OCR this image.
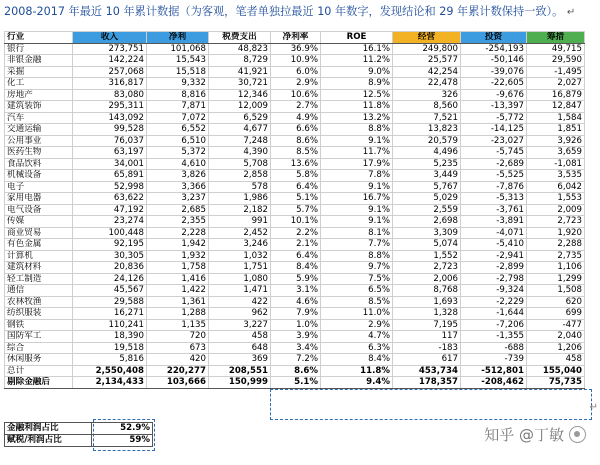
2008-2017 年最近 10 年累计数据（为客观，笔者单独拉最近 10 年数字，发现结论和 29 年累计数保持一致）。 ↵
行业	收入	净利	税费支出	净利率	ROE	经营	投资	筹措
银行	273,751	101,068	48,823	36.9%	16.1%	249,800	-254,193	49,715
非银金融	142,224	15,543	8,729	10.9%	11.2%	25,577	-50,146	29,590
采掘	257,068	15,518	41,921	6.0%	9.0%	42,254	-39,076	-1,495
化工	316,817	9,332	30,721	2.9%	8.9%	22,478	-22,605	2,027
房地产	83,080	8,816	12,346	10.6%	12.5%	326	-9,676	16,879
建筑装饰	295,311	7,871	12,009	2.7%	11.8%	8,560	-13,397	12,847
汽车	143,092	7,072	6,529	4.9%	13.2%	7,521	-5,772	1,584
交通运输	99,528	6,552	4,677	6.6%	8.8%	13,823	-14,125	1,851
公用事业	76,037	6,510	7,248	8.6%	9.1%	20,579	-23,027	3,926
医药生物	63,197	5,372	4,390	8.5%	11.7%	4,496	-5,745	3,659
食品饮料	34,001	4,610	5,708	13.6%	17.9%	5,235	-2,689	-1,081
机械设备	65,891	3,826	2,858	5.8%	7.8%	3,449	-5,525	3,535
电子	52,998	3,366	578	6.4%	9.1%	5,767	-7,876	6,042
家用电器	63,622	3,237	1,986	5.1%	16.7%	5,029	-5,313	1,553
电气设备	47,192	2,685	2,182	5.7%	9.1%	2,559	-3,761	2,009
传媒	23,274	2,355	991	10.1%	9.1%	2,698	-3,891	2,723
商业贸易	100,448	2,228	2,452	2.2%	8.1%	3,309	-4,071	1,920
有色金属	92,195	1,942	3,246	2.1%	7.7%	5,074	-5,410	2,288
计算机	30,305	1,932	1,032	6.4%	8.8%	1,552	-2,941	2,735
建筑材料	20,836	1,758	1,751	8.4%	9.7%	2,723	-2,899	1,106
轻工制造	24,126	1,416	1,080	5.9%	7.5%	2,006	-2,798	1,299
通信	45,567	1,422	1,471	3.1%	6.5%	8,768	-9,324	1,508
农林牧渔	29,588	1,361	422	4.6%	8.5%	1,693	-2,229	620
纺织服装	16,271	1,288	962	7.9%	11.0%	1,328	-1,644	699
钢铁	110,241	1,135	3,227	1.0%	2.9%	7,195	-7,206	-477
国防军工	18,390	720	458	3.9%	4.7%	117	-1,355	2,040
综合	19,518	673	648	3.4%	6.3%	-183	-688	1,206
休闲服务	5,816	420	369	7.2%	8.4%	617	-739	458
总计	2,550,408	220,277	208,551	8.6%	11.8%	453,734	-512,801	155,040
剔除金融后	2,134,433	103,666	150,999	5.1%	9.4%	178,357	-208,462	75,735
金融利润占比	52.9%
赋税/利润占比	59%	知乎 @丁敏
↵
